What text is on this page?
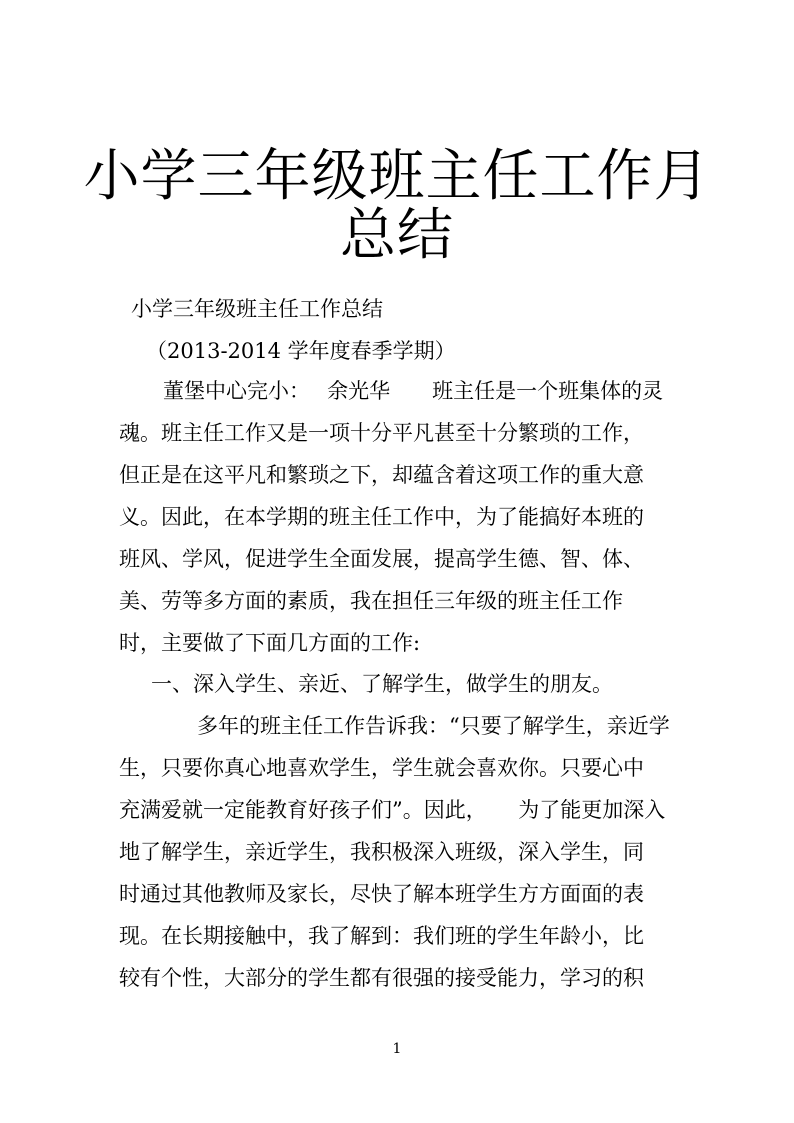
小学三年级班主任工作月
总结
小学三年级班主任工作总结
（2013-2014 学年度春季学期）
董堡中心完小：　 余光华　　班主任是一个班集体的灵
魂。班主任工作又是一项十分平凡甚至十分繁琐的工作，
但正是在这平凡和繁琐之下，却蕴含着这项工作的重大意
义。因此，在本学期的班主任工作中，为了能搞好本班的
班风、学风，促进学生全面发展，提高学生德、智、体、
美、劳等多方面的素质，我在担任三年级的班主任工作
时，主要做了下面几方面的工作:
一、深入学生、亲近、了解学生，做学生的朋友。
多年的班主任工作告诉我：“只要了解学生，亲近学
生，只要你真心地喜欢学生，学生就会喜欢你。只要心中
充满爱就一定能教育好孩子们”。因此，　　为了能更加深入
地了解学生，亲近学生，我积极深入班级，深入学生，同
时通过其他教师及家长，尽快了解本班学生方方面面的表
现。在长期接触中，我了解到：我们班的学生年龄小，比
较有个性，大部分的学生都有很强的接受能力，学习的积
1
